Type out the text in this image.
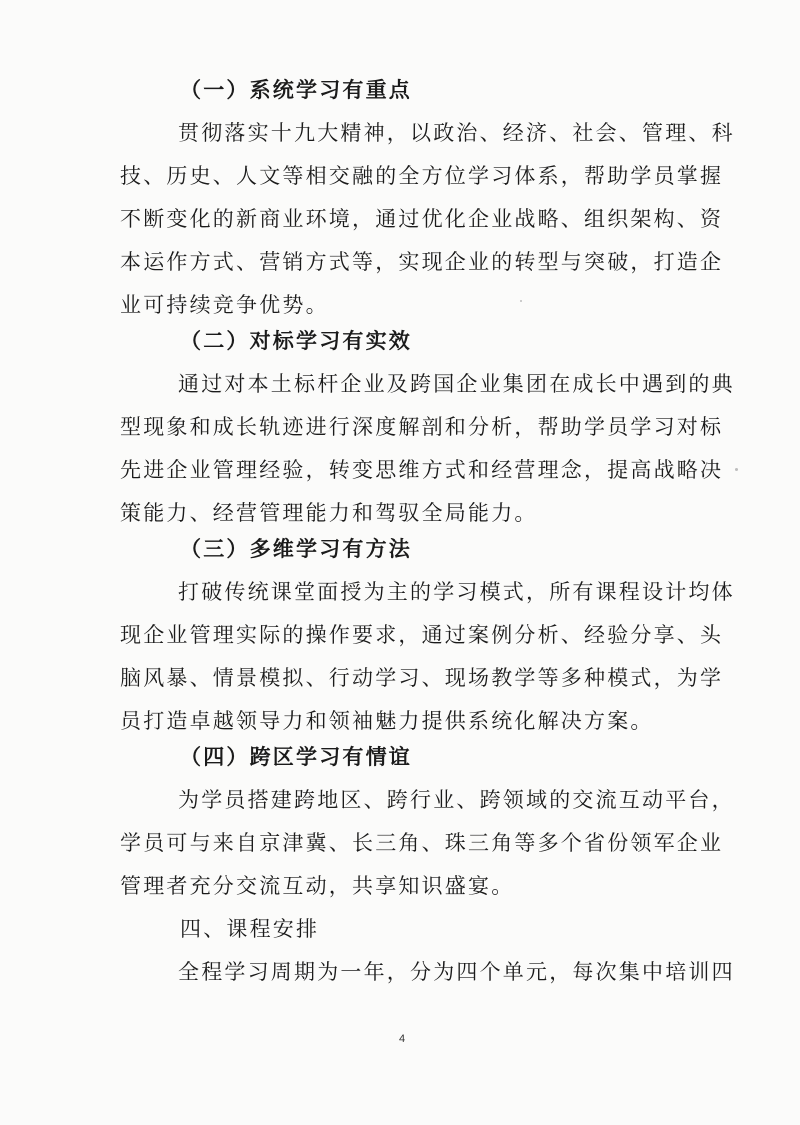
（一）系统学习有重点
贯彻落实十九大精神，以政治、经济、社会、管理、科
技、历史、人文等相交融的全方位学习体系，帮助学员掌握
不断变化的新商业环境，通过优化企业战略、组织架构、资
本运作方式、营销方式等，实现企业的转型与突破，打造企
业可持续竞争优势。
（二）对标学习有实效
通过对本土标杆企业及跨国企业集团在成长中遇到的典
型现象和成长轨迹进行深度解剖和分析，帮助学员学习对标
先进企业管理经验，转变思维方式和经营理念，提高战略决
策能力、经营管理能力和驾驭全局能力。
（三）多维学习有方法
打破传统课堂面授为主的学习模式，所有课程设计均体
现企业管理实际的操作要求，通过案例分析、经验分享、头
脑风暴、情景模拟、行动学习、现场教学等多种模式，为学
员打造卓越领导力和领袖魅力提供系统化解决方案。
（四）跨区学习有情谊
为学员搭建跨地区、跨行业、跨领域的交流互动平台，
学员可与来自京津冀、长三角、珠三角等多个省份领军企业
管理者充分交流互动，共享知识盛宴。
四、课程安排
全程学习周期为一年，分为四个单元，每次集中培训四
4
